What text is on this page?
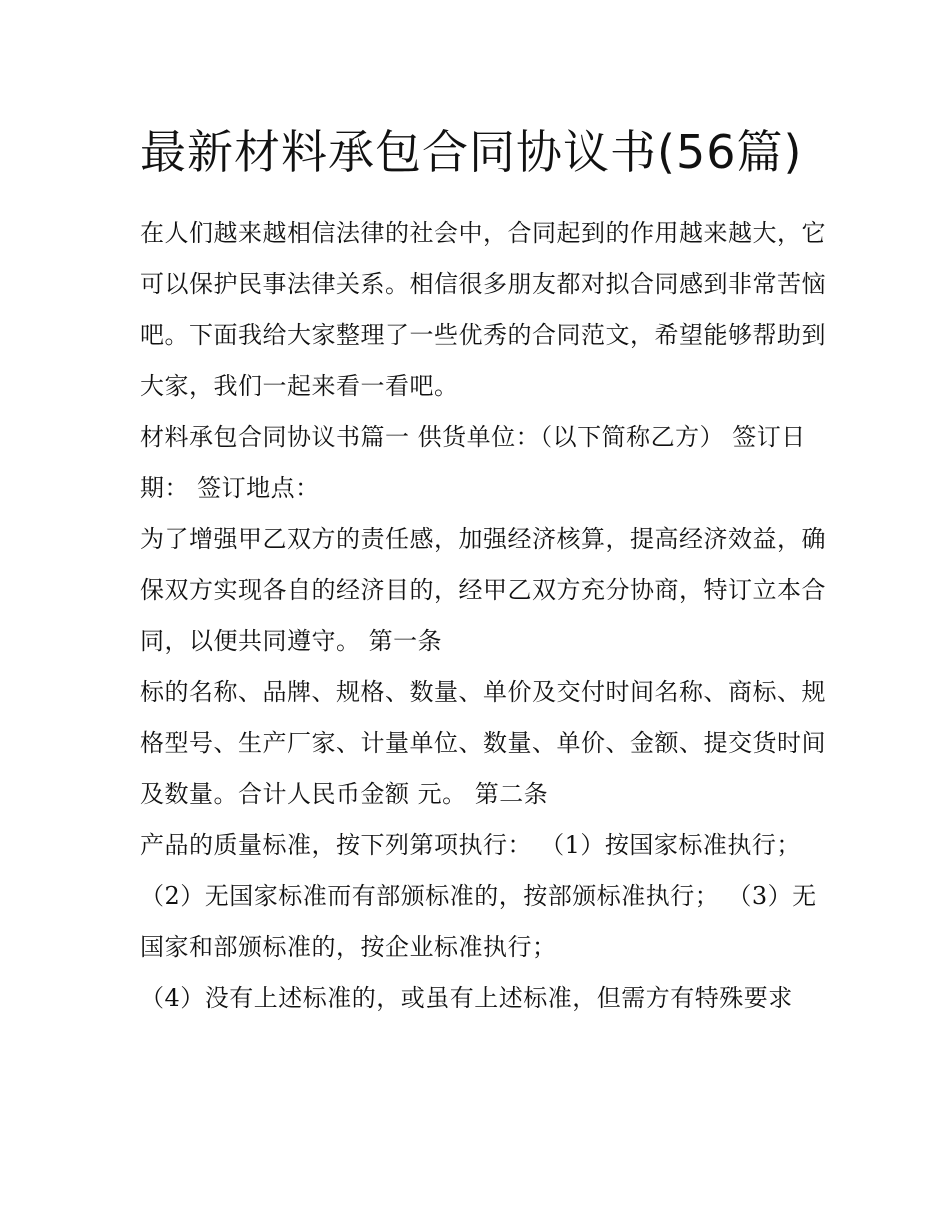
最新材料承包合同协议书(56篇)

在人们越来越相信法律的社会中，合同起到的作用越来越大，它可以保护民事法律关系。相信很多朋友都对拟合同感到非常苦恼吧。下面我给大家整理了一些优秀的合同范文，希望能够帮助到大家，我们一起来看一看吧。

材料承包合同协议书篇一 供货单位：（以下简称乙方） 签订日期： 签订地点：

为了增强甲乙双方的责任感，加强经济核算，提高经济效益，确保双方实现各自的经济目的，经甲乙双方充分协商，特订立本合同，以便共同遵守。 第一条

标的名称、品牌、规格、数量、单价及交付时间名称、商标、规格型号、生产厂家、计量单位、数量、单价、金额、提交货时间及数量。合计人民币金额 元。 第二条

产品的质量标准，按下列第项执行： （1）按国家标准执行；（2）无国家标准而有部颁标准的，按部颁标准执行； （3）无国家和部颁标准的，按企业标准执行；

（4）没有上述标准的，或虽有上述标准，但需方有特殊要求
